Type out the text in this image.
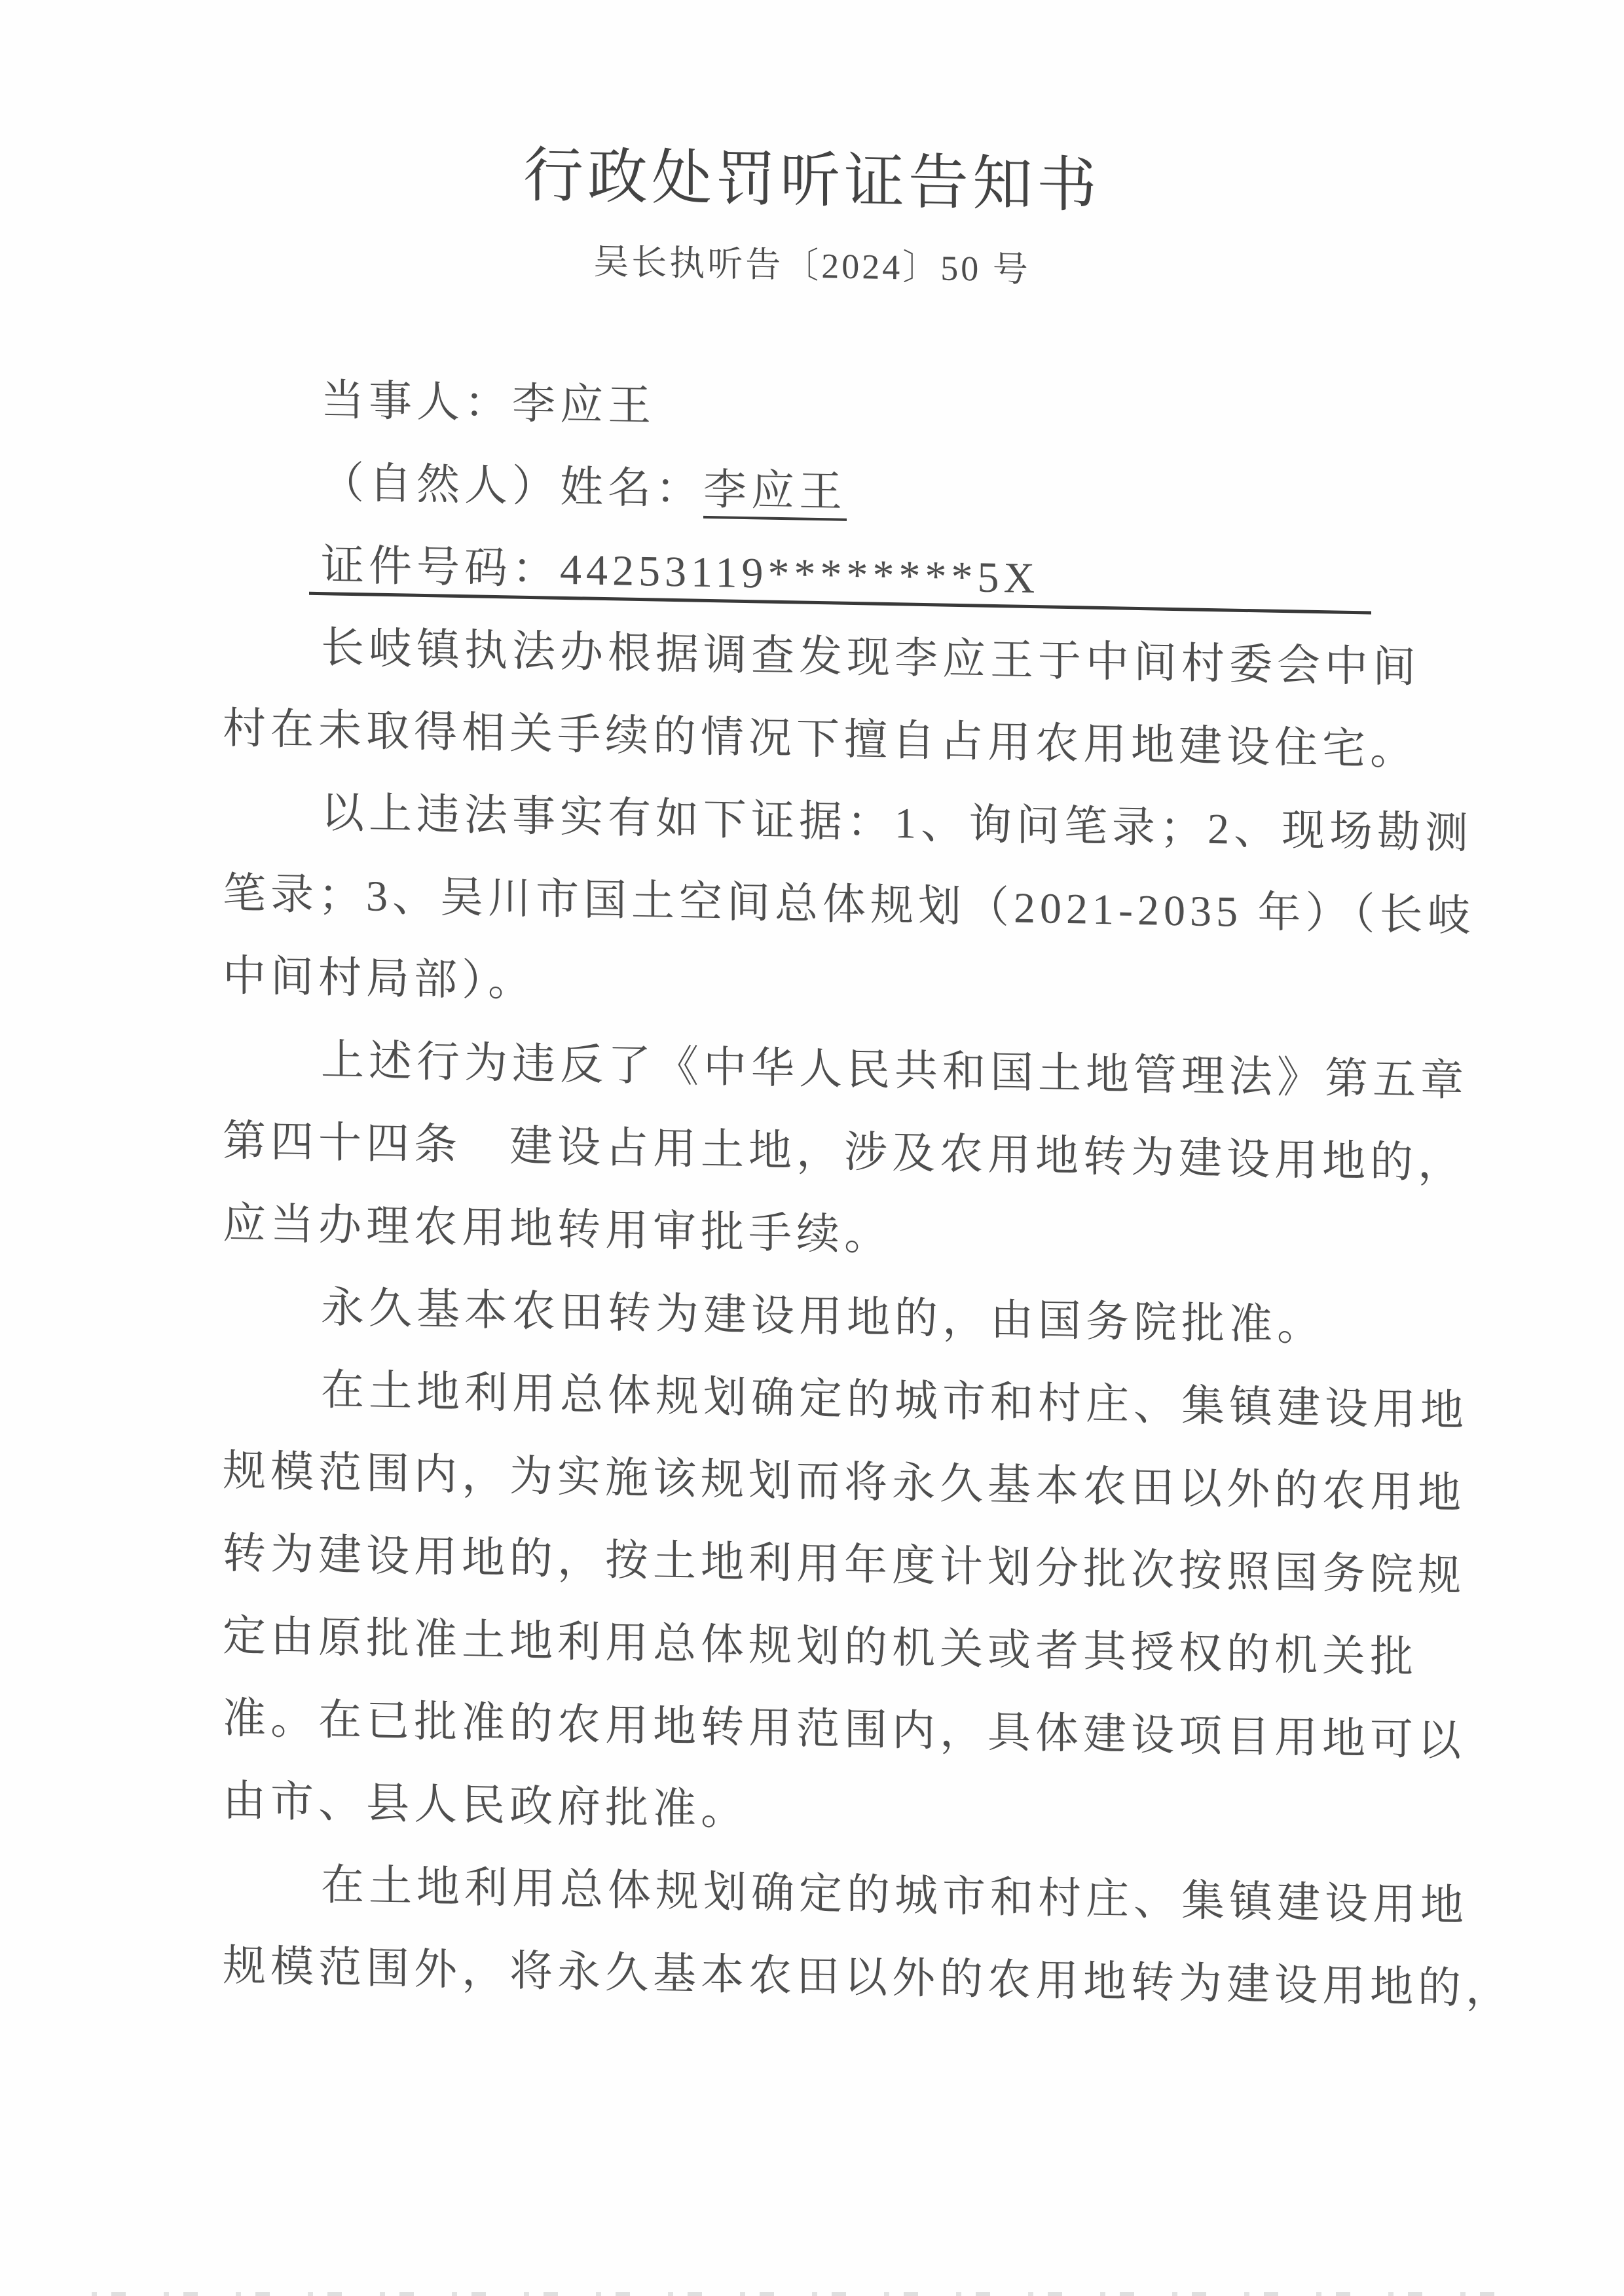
行政处罚听证告知书
吴长执听告〔2024〕50 号
当事人：李应王
（自然人）姓名：李应王
证件号码：44253119********5X
长岐镇执法办根据调查发现李应王于中间村委会中间
村在未取得相关手续的情况下擅自占用农用地建设住宅。
以上违法事实有如下证据：1、询问笔录；2、现场勘测
笔录；3、吴川市国土空间总体规划（2021-2035 年）（长岐
中间村局部）。
上述行为违反了《中华人民共和国土地管理法》第五章
第四十四条　建设占用土地，涉及农用地转为建设用地的，
应当办理农用地转用审批手续。
永久基本农田转为建设用地的，由国务院批准。
在土地利用总体规划确定的城市和村庄、集镇建设用地
规模范围内，为实施该规划而将永久基本农田以外的农用地
转为建设用地的，按土地利用年度计划分批次按照国务院规
定由原批准土地利用总体规划的机关或者其授权的机关批
准。在已批准的农用地转用范围内，具体建设项目用地可以
由市、县人民政府批准。
在土地利用总体规划确定的城市和村庄、集镇建设用地
规模范围外，将永久基本农田以外的农用地转为建设用地的，
